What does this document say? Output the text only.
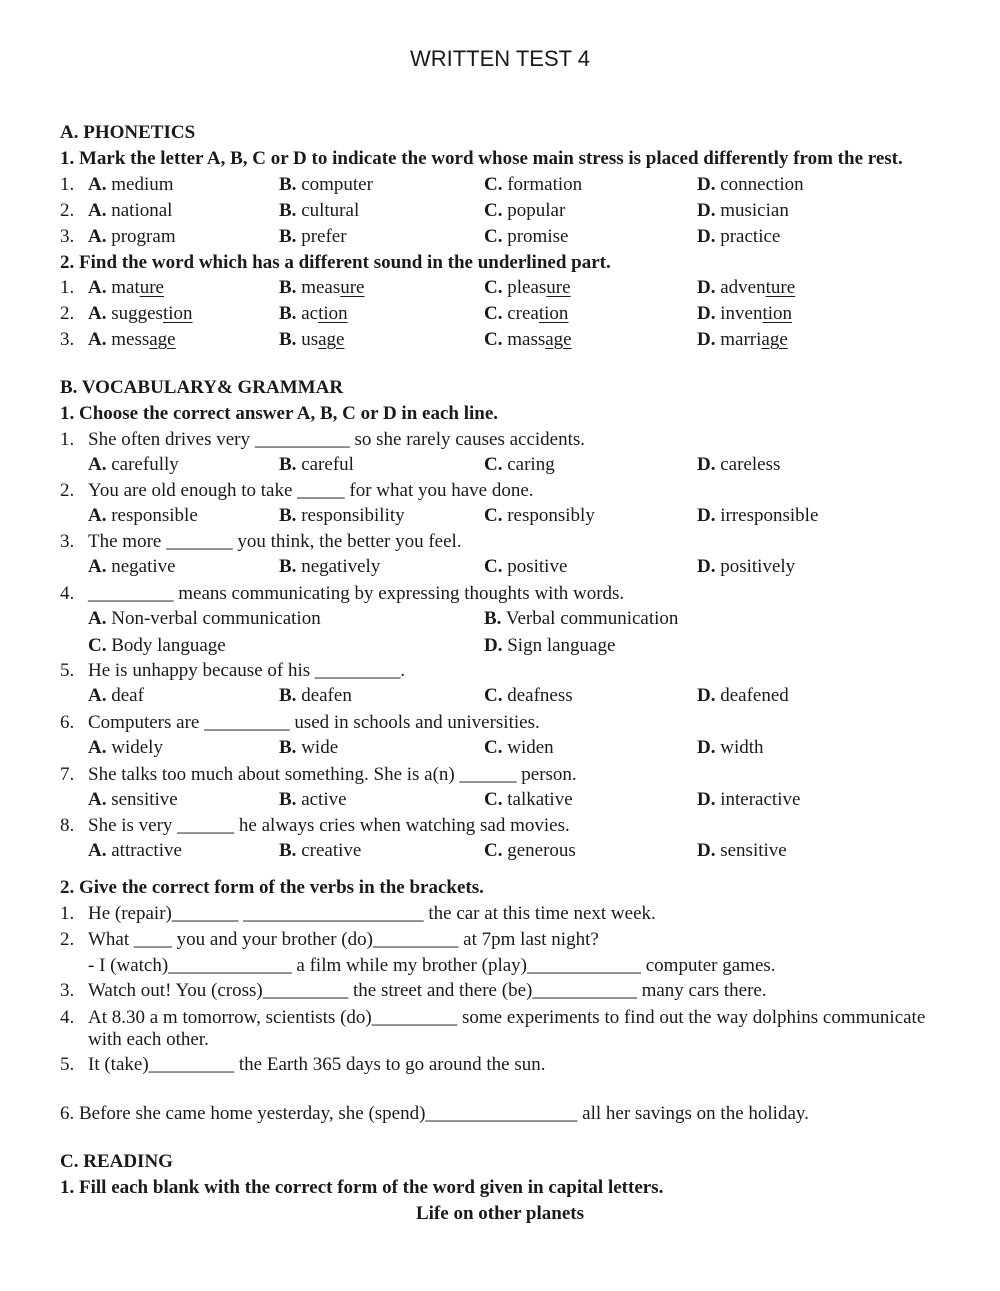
WRITTEN TEST 4
A. PHONETICS
1. Mark the letter A, B, C or D to indicate the word whose main stress is placed differently from the rest.
1. A. medium	B. computer	C. formation	D. connection
2. A. national	B. cultural	C. popular	D. musician
3. A. program	B. prefer	C. promise	D. practice
2. Find the word which has a different sound in the underlined part.
1. A. mature	B. measure	C. pleasure	D. adventure
2. A. suggestion	B. action	C. creation	D. invention
3. A. message	B. usage	C. massage	D. marriage
B. VOCABULARY& GRAMMAR
1. Choose the correct answer A, B, C or D in each line.
1. She often drives very __________ so she rarely causes accidents.
A. carefully	B. careful	C. caring	D. careless
2. You are old enough to take _____ for what you have done.
A. responsible	B. responsibility	C. responsibly	D. irresponsible
3. The more _______ you think, the better you feel.
A. negative	B. negatively	C. positive	D. positively
4. _________ means communicating by expressing thoughts with words.
A. Non-verbal communication	B. Verbal communication
C. Body language	D. Sign language
5. He is unhappy because of his _________.
A. deaf	B. deafen	C. deafness	D. deafened
6. Computers are _________ used in schools and universities.
A. widely	B. wide	C. widen	D. width
7. She talks too much about something. She is a(n) ______ person.
A. sensitive	B. active	C. talkative	D. interactive
8. She is very ______ he always cries when watching sad movies.
A. attractive	B. creative	C. generous	D. sensitive
2. Give the correct form of the verbs in the brackets.
1. He (repair)_______ ___________________ the car at this time next week.
2. What ____ you and your brother (do)_________ at 7pm last night?
- I (watch)_____________ a film while my brother (play)____________ computer games.
3. Watch out! You (cross)_________ the street and there (be)___________ many cars there.
4. At 8.30 a m tomorrow, scientists (do)_________ some experiments to find out the way dolphins communicate
with each other.
5. It (take)_________ the Earth 365 days to go around the sun.
6. Before she came home yesterday, she (spend)________________ all her savings on the holiday.
C. READING
1. Fill each blank with the correct form of the word given in capital letters.
Life on other planets
